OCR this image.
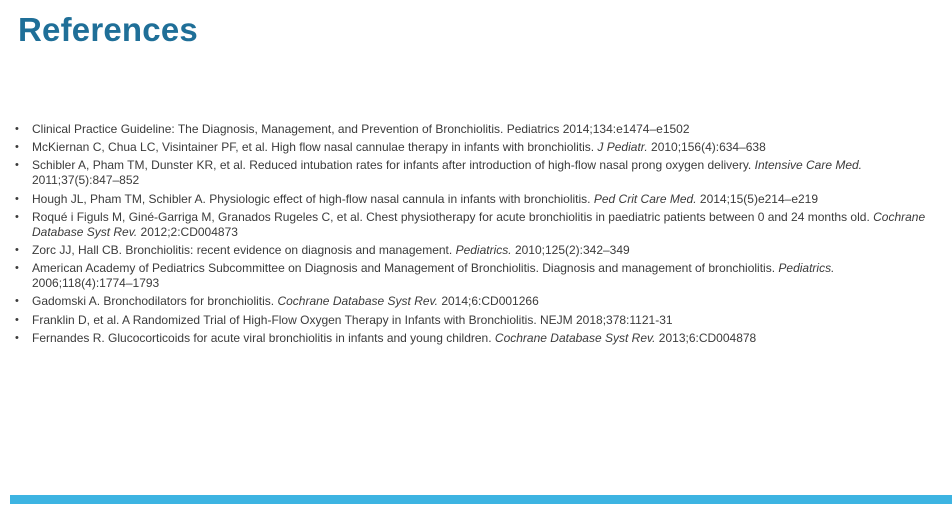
References
• Clinical Practice Guideline: The Diagnosis, Management, and Prevention of Bronchiolitis. Pediatrics 2014;134:e1474–e1502
• McKiernan C, Chua LC, Visintainer PF, et al. High flow nasal cannulae therapy in infants with bronchiolitis. J Pediatr. 2010;156(4):634–638
• Schibler A, Pham TM, Dunster KR, et al. Reduced intubation rates for infants after introduction of high-flow nasal prong oxygen delivery. Intensive Care Med. 2011;37(5):847–852
• Hough JL, Pham TM, Schibler A. Physiologic effect of high-flow nasal cannula in infants with bronchiolitis. Ped Crit Care Med. 2014;15(5)e214–e219
• Roqué i Figuls M, Giné-Garriga M, Granados Rugeles C, et al. Chest physiotherapy for acute bronchiolitis in paediatric patients between 0 and 24 months old. Cochrane Database Syst Rev. 2012;2:CD004873
• Zorc JJ, Hall CB. Bronchiolitis: recent evidence on diagnosis and management. Pediatrics. 2010;125(2):342–349
• American Academy of Pediatrics Subcommittee on Diagnosis and Management of Bronchiolitis. Diagnosis and management of bronchiolitis. Pediatrics. 2006;118(4):1774–1793
• Gadomski A. Bronchodilators for bronchiolitis. Cochrane Database Syst Rev. 2014;6:CD001266
• Franklin D, et al. A Randomized Trial of High-Flow Oxygen Therapy in Infants with Bronchiolitis. NEJM 2018;378:1121-31
• Fernandes R. Glucocorticoids for acute viral bronchiolitis in infants and young children. Cochrane Database Syst Rev. 2013;6:CD004878
